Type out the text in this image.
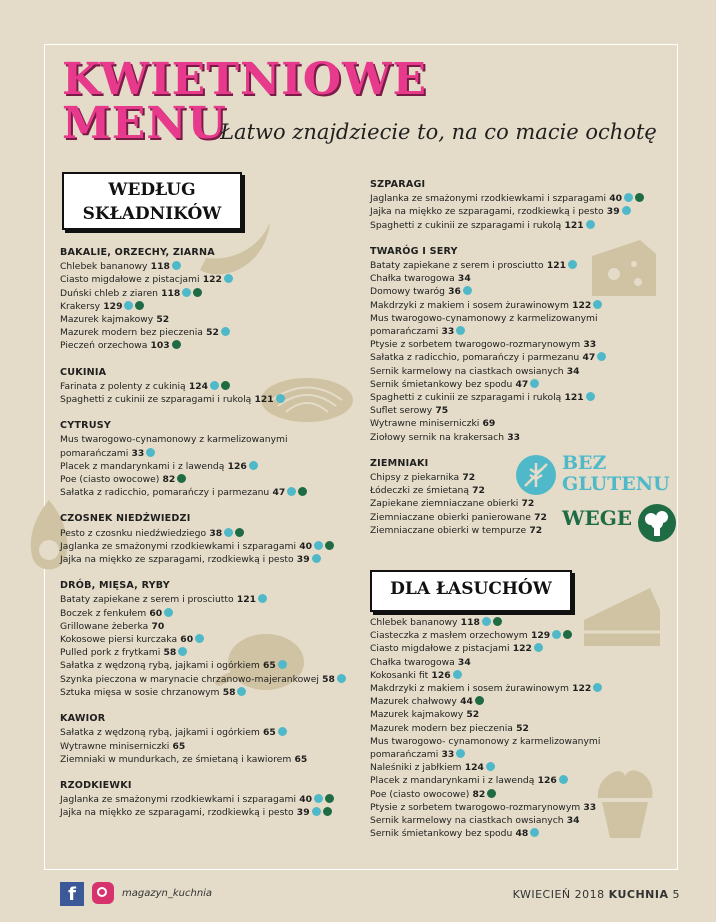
KWIETNIOWE
MENU
Łatwo znajdziecie to, na co macie ochotę
WEDŁUG
SKŁADNIKÓW
DLA ŁASUCHÓW
BAKALIE, ORZECHY, ZIARNA
Chlebek bananowy 118
Ciasto migdałowe z pistacjami 122
Duński chleb z ziaren 118
Krakersy 129
Mazurek kajmakowy 52
Mazurek modern bez pieczenia 52
Pieczeń orzechowa 103
CUKINIA
Farinata z polenty z cukinią 124
Spaghetti z cukinii ze szparagami i rukolą 121
CYTRUSY
Mus twarogowo-cynamonowy z karmelizowanymi
pomarańczami 33
Placek z mandarynkami i z lawendą 126
Poe (ciasto owocowe) 82
Sałatka z radicchio, pomarańczy i parmezanu 47
CZOSNEK NIEDŹWIEDZI
Pesto z czosnku niedźwiedziego 38
Jaglanka ze smażonymi rzodkiewkami i szparagami 40
Jajka na miękko ze szparagami, rzodkiewką i pesto 39
DRÓB, MIĘSA, RYBY
Bataty zapiekane z serem i prosciutto 121
Boczek z fenkułem 60
Grillowane żeberka 70
Kokosowe piersi kurczaka 60
Pulled pork z frytkami 58
Sałatka z wędzoną rybą, jajkami i ogórkiem 65
Szynka pieczona w marynacie chrzanowo-majerankowej 58
Sztuka mięsa w sosie chrzanowym 58
KAWIOR
Sałatka z wędzoną rybą, jajkami i ogórkiem 65
Wytrawne miniserniczki 65
Ziemniaki w mundurkach, ze śmietaną i kawiorem 65
RZODKIEWKI
Jaglanka ze smażonymi rzodkiewkami i szparagami 40
Jajka na miękko ze szparagami, rzodkiewką i pesto 39
SZPARAGI
Jaglanka ze smażonymi rzodkiewkami i szparagami 40
Jajka na miękko ze szparagami, rzodkiewką i pesto 39
Spaghetti z cukinii ze szparagami i rukolą 121
TWARÓG I SERY
Bataty zapiekane z serem i prosciutto 121
Chałka twarogowa 34
Domowy twaróg 36
Makdrzyki z makiem i sosem żurawinowym 122
Mus twarogowo-cynamonowy z karmelizowanymi
pomarańczami 33
Ptysie z sorbetem twarogowo-rozmarynowym 33
Sałatka z radicchio, pomarańczy i parmezanu 47
Sernik karmelowy na ciastkach owsianych 34
Sernik śmietankowy bez spodu 47
Spaghetti z cukinii ze szparagami i rukolą 121
Suflet serowy 75
Wytrawne miniserniczki 69
Ziołowy sernik na krakersach 33
ZIEMNIAKI
Chipsy z piekarnika 72
Łódeczki ze śmietaną 72
Zapiekane ziemniaczane obierki 72
Ziemniaczane obierki panierowane 72
Ziemniaczane obierki w tempurze 72
Chlebek bananowy 118
Ciasteczka z masłem orzechowym 129
Ciasto migdałowe z pistacjami 122
Chałka twarogowa 34
Kokosanki fit 126
Makdrzyki z makiem i sosem żurawinowym 122
Mazurek chałwowy 44
Mazurek kajmakowy 52
Mazurek modern bez pieczenia 52
Mus twarogowo- cynamonowy z karmelizowanymi
pomarańczami 33
Naleśniki z jabłkiem 124
Placek z mandarynkami i z lawendą 126
Poe (ciasto owocowe) 82
Ptysie z sorbetem twarogowo-rozmarynowym 33
Sernik karmelowy na ciastkach owsianych 34
Sernik śmietankowy bez spodu 48
BEZ
GLUTENU
WEGE
f	magazyn_kuchnia	KWIECIEŃ 2018 KUCHNIA 5
